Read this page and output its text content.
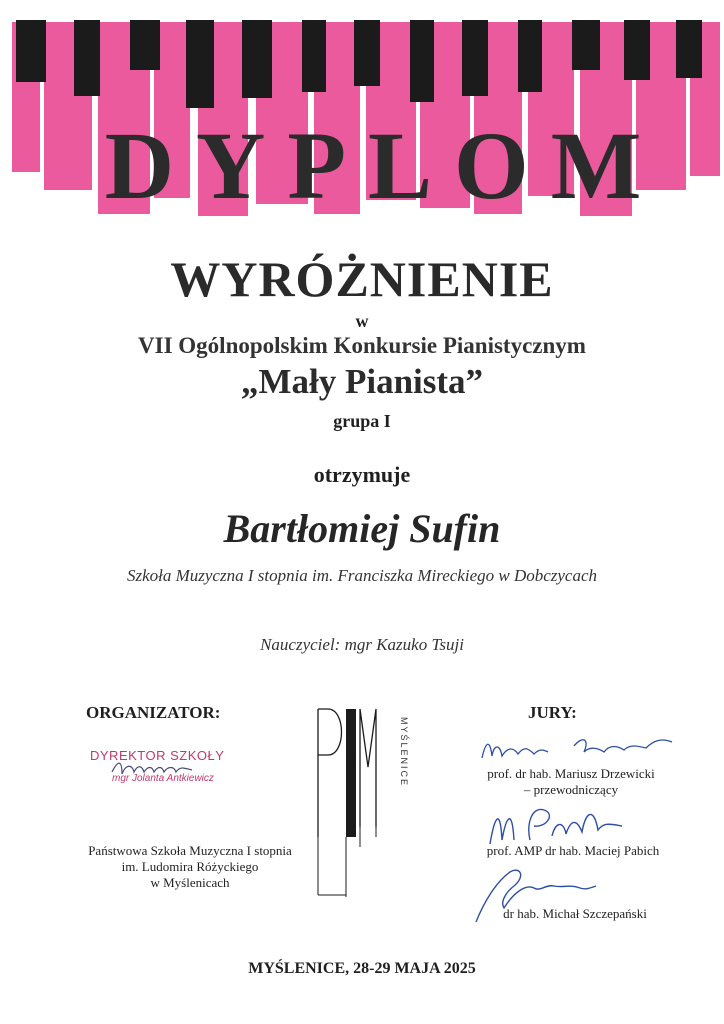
DYPLOM
WYRÓŻNIENIE
w
VII Ogólnopolskim Konkursie Pianistycznym
„Mały Pianista”
grupa I
otrzymuje
Bartłomiej Sufin
Szkoła Muzyczna I stopnia im. Franciszka Mireckiego w Dobczycach
Nauczyciel: mgr Kazuko Tsuji
ORGANIZATOR:
DYREKTOR SZKOŁY
mgr Jolanta Antkiewicz
Państwowa Szkoła Muzyczna I stopnia
im. Ludomira Różyckiego
w Myślenicach
MYŚLENICE
JURY:
prof. dr hab. Mariusz Drzewicki
– przewodniczący
prof. AMP dr hab. Maciej Pabich
dr hab. Michał Szczepański
MYŚLENICE, 28-29 MAJA 2025
